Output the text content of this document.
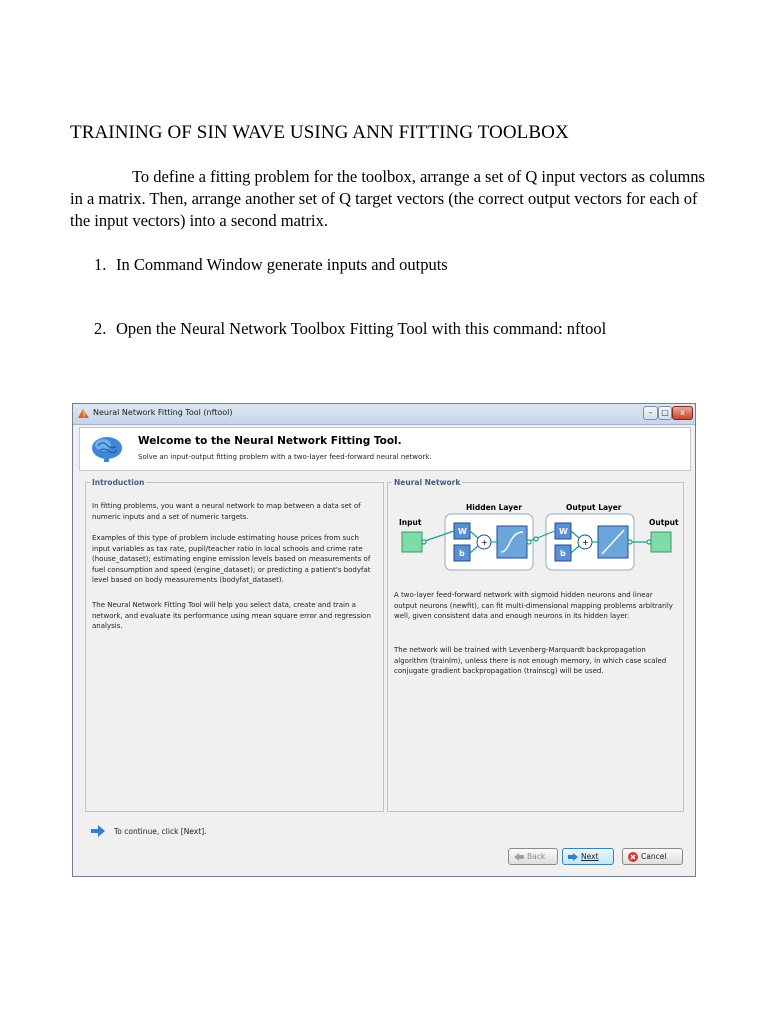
TRAINING OF SIN WAVE USING ANN FITTING TOOLBOX
To define a fitting problem for the toolbox, arrange a set of Q input vectors as columns in a matrix. Then, arrange another set of Q target vectors (the correct output vectors for each of the input vectors) into a second matrix.
1. In Command Window generate inputs and outputs
2. Open the Neural Network Toolbox Fitting Tool with this command: nftool
Neural Network Fitting Tool (nftool)	–	□	x
Welcome to the Neural Network Fitting Tool.
Solve an input-output fitting problem with a two-layer feed-forward neural network.
Introduction
In fitting problems, you want a neural network to map between a data set of numeric inputs and a set of numeric targets.
Examples of this type of problem include estimating house prices from such input variables as tax rate, pupil/teacher ratio in local schools and crime rate (house_dataset); estimating engine emission levels based on measurements of fuel consumption and speed (engine_dataset); or predicting a patient's bodyfat level based on body measurements (bodyfat_dataset).
The Neural Network Fitting Tool will help you select data, create and train a network, and evaluate its performance using mean square error and regression analysis.
Neural Network
Hidden Layer	Output Layer
Input	Output
W
b
+
W
b
+
A two-layer feed-forward network with sigmoid hidden neurons and linear output neurons (newfit), can fit multi-dimensional mapping problems arbitrarily well, given consistent data and enough neurons in its hidden layer.
The network will be trained with Levenberg-Marquardt backpropagation algorithm (trainlm), unless there is not enough memory, in which case scaled conjugate gradient backpropagation (trainscg) will be used.
To continue, click [Next].
Back	Next	Cancel
